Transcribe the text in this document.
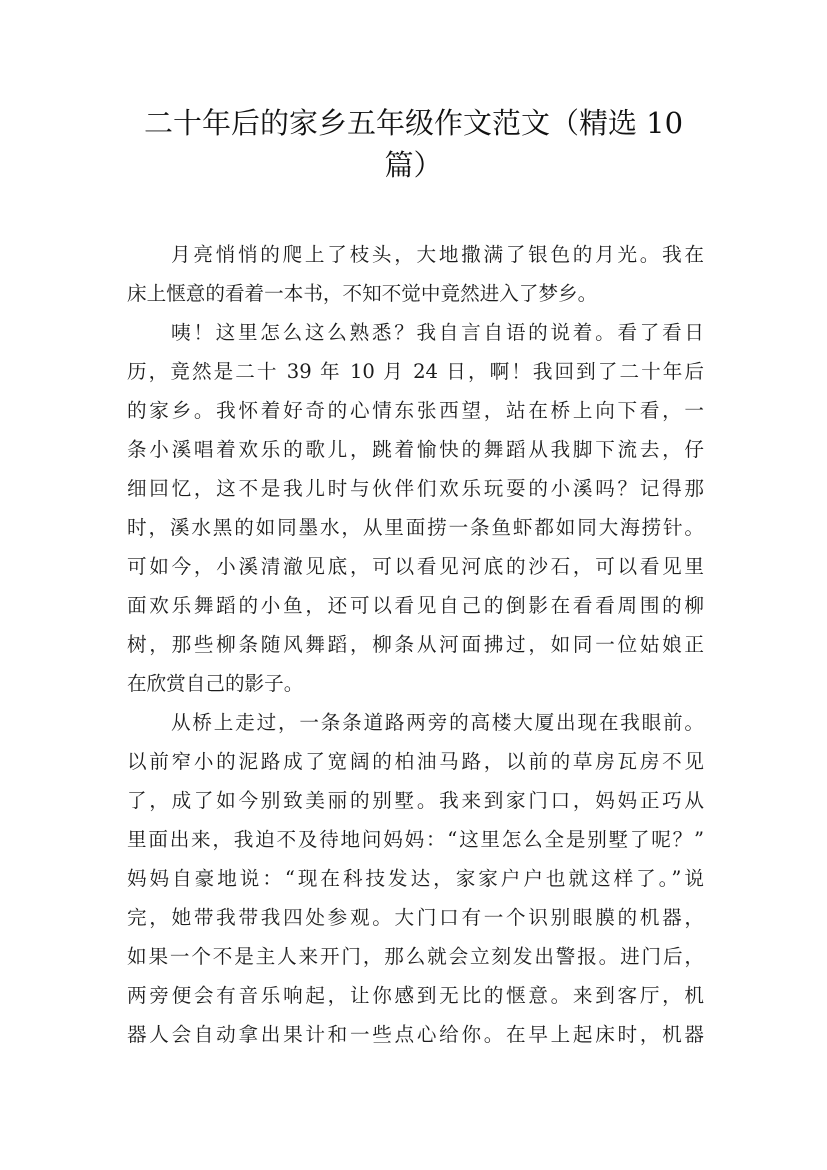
二十年后的家乡五年级作文范文（精选 10
篇）
月亮悄悄的爬上了枝头，大地撒满了银色的月光。我在
床上惬意的看着一本书，不知不觉中竟然进入了梦乡。
咦！这里怎么这么熟悉？我自言自语的说着。看了看日
历，竟然是二十 39 年 10 月 24 日，啊！我回到了二十年后
的家乡。我怀着好奇的心情东张西望，站在桥上向下看，一
条小溪唱着欢乐的歌儿，跳着愉快的舞蹈从我脚下流去，仔
细回忆，这不是我儿时与伙伴们欢乐玩耍的小溪吗？记得那
时，溪水黑的如同墨水，从里面捞一条鱼虾都如同大海捞针。
可如今，小溪清澈见底，可以看见河底的沙石，可以看见里
面欢乐舞蹈的小鱼，还可以看见自己的倒影在看看周围的柳
树，那些柳条随风舞蹈，柳条从河面拂过，如同一位姑娘正
在欣赏自己的影子。
从桥上走过，一条条道路两旁的高楼大厦出现在我眼前。
以前窄小的泥路成了宽阔的柏油马路，以前的草房瓦房不见
了，成了如今别致美丽的别墅。我来到家门口，妈妈正巧从
里面出来，我迫不及待地问妈妈：“这里怎么全是别墅了呢？”
妈妈自豪地说：“现在科技发达，家家户户也就这样了。”说
完，她带我带我四处参观。大门口有一个识别眼膜的机器，
如果一个不是主人来开门，那么就会立刻发出警报。进门后，
两旁便会有音乐响起，让你感到无比的惬意。来到客厅，机
器人会自动拿出果计和一些点心给你。在早上起床时，机器
